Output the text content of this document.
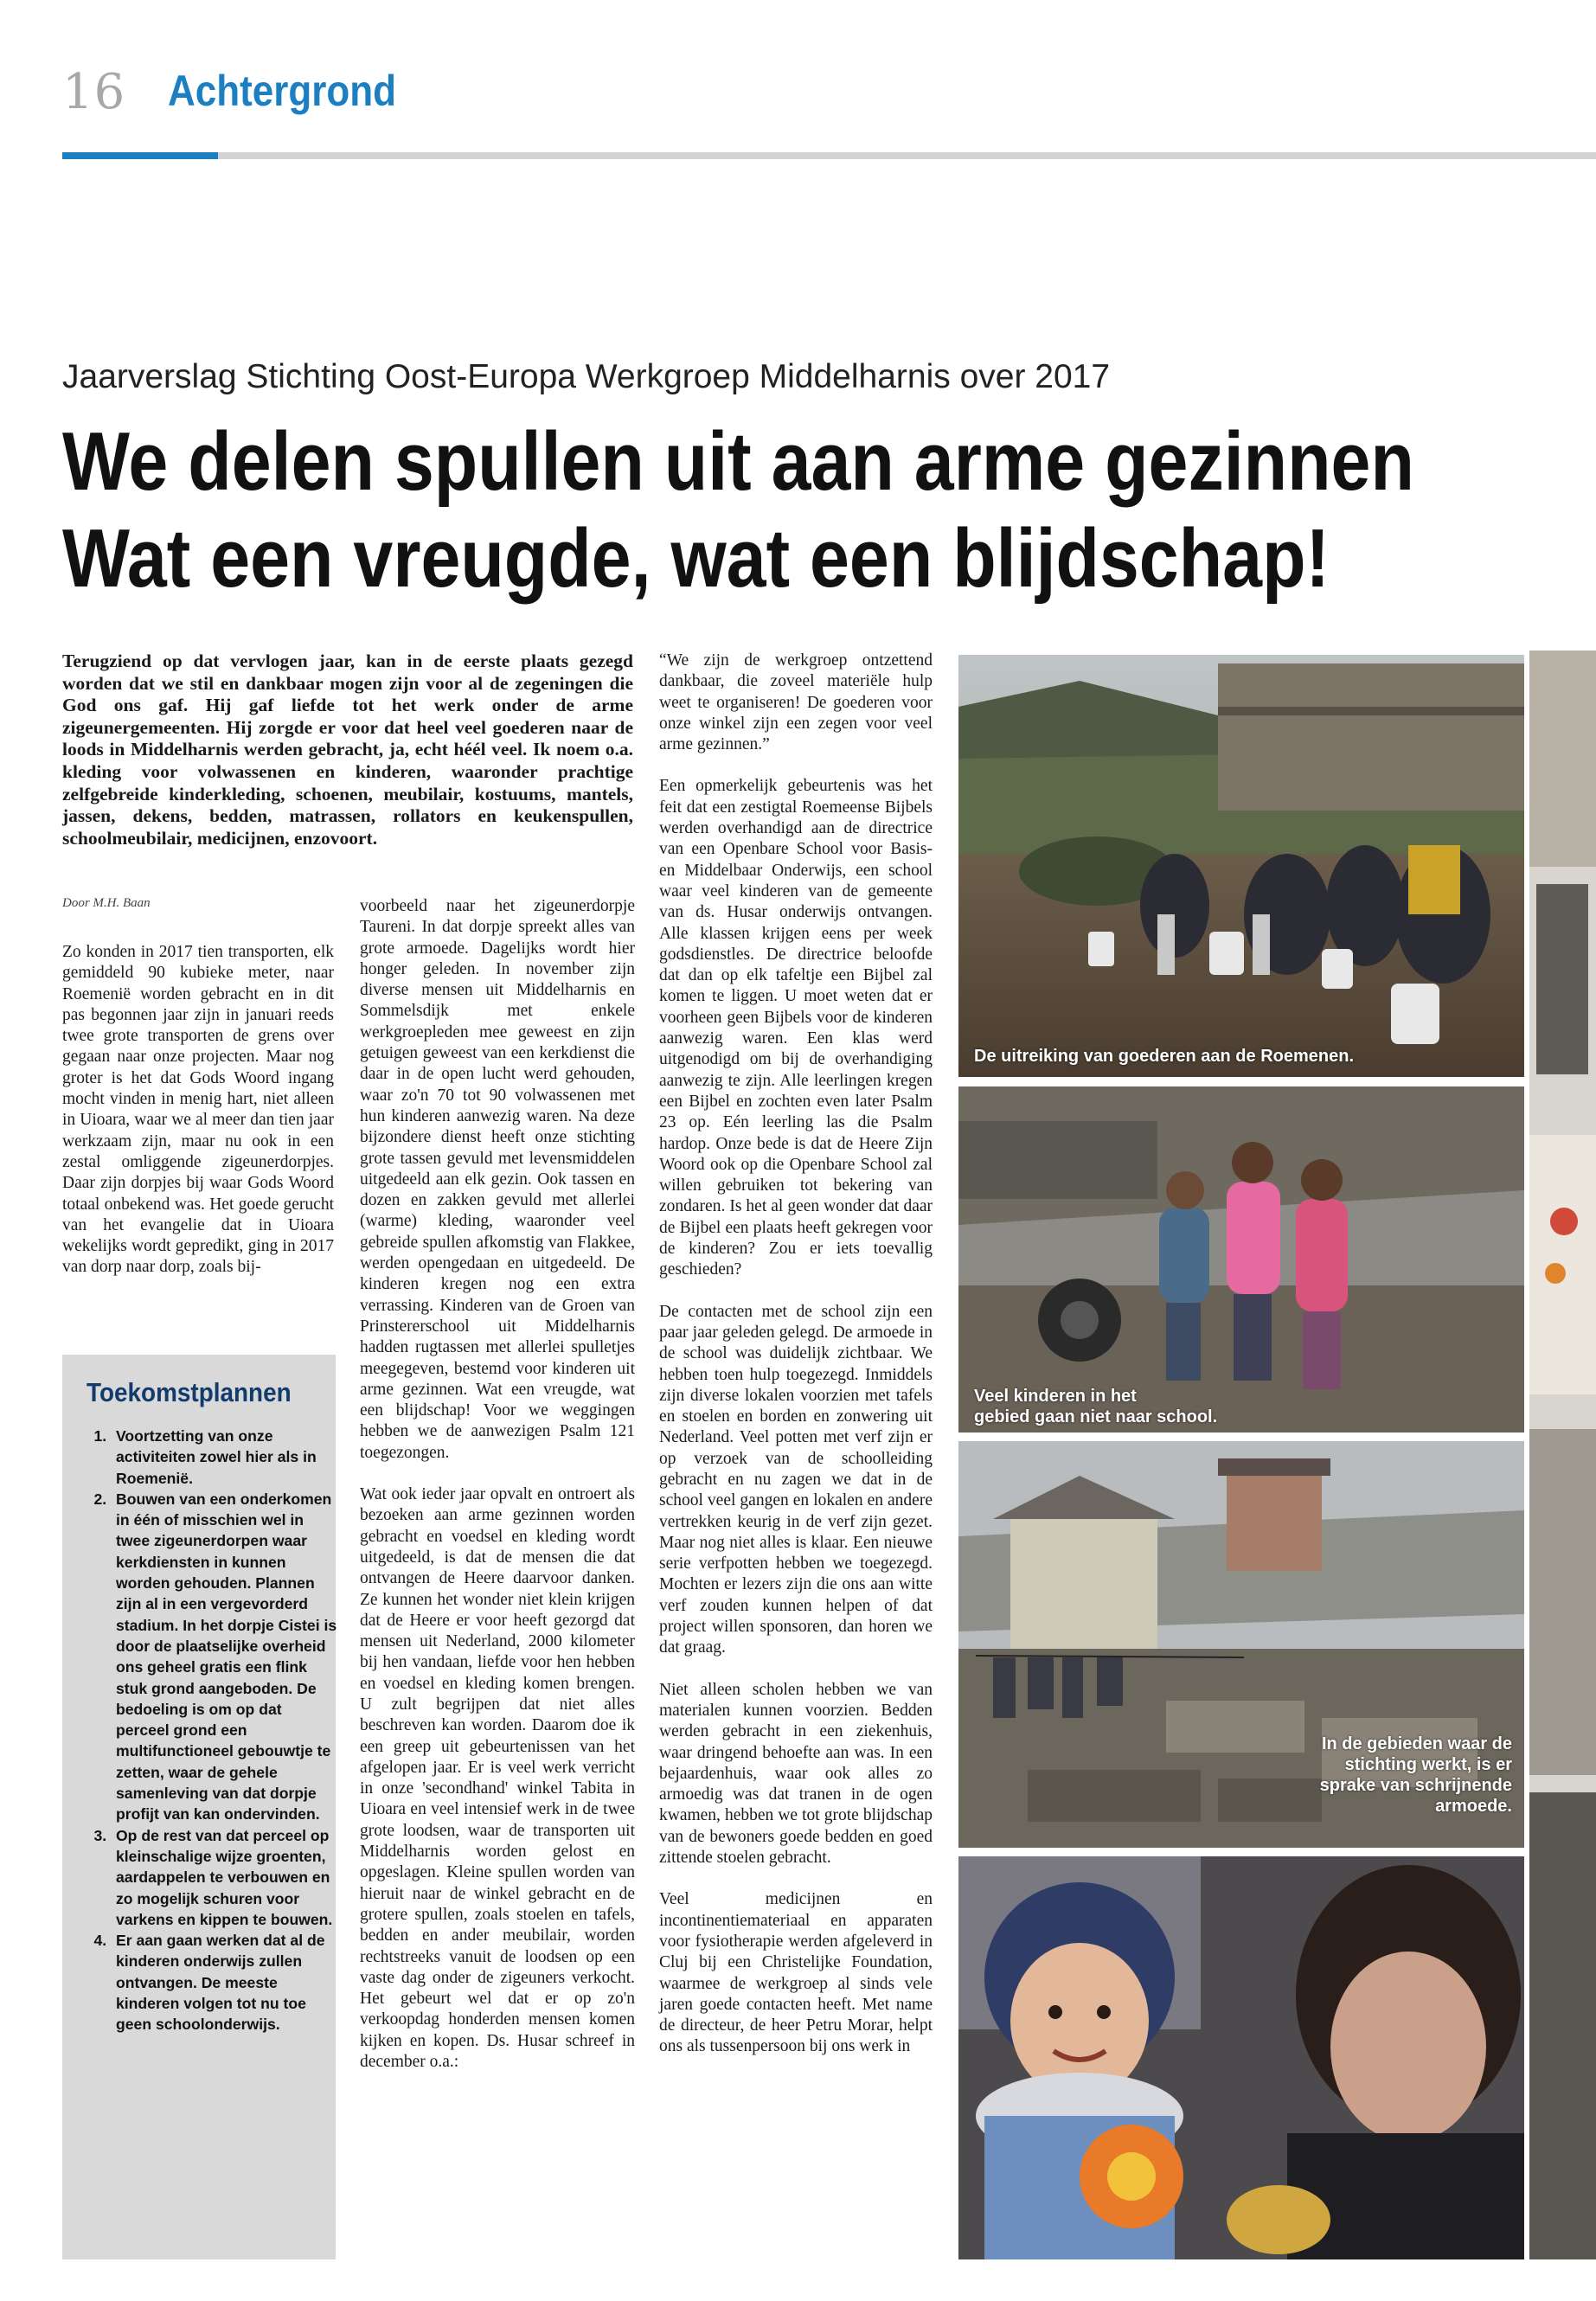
16 Achtergrond
Jaarverslag Stichting Oost-Europa Werkgroep Middelharnis over 2017
We delen spullen uit aan arme gezinnen
Wat een vreugde, wat een blijdschap!
Terugziend op dat vervlogen jaar, kan in de eerste plaats gezegd worden dat we stil en dankbaar mogen zijn voor al de zegeningen die God ons gaf. Hij gaf liefde tot het werk onder de arme zigeunergemeenten. Hij zorgde er voor dat heel veel goederen naar de loods in Middelharnis werden gebracht, ja, echt héél veel. Ik noem o.a. kleding voor volwassenen en kinderen, waaronder prachtige zelfgebreide kinderkleding, schoenen, meubilair, kostuums, mantels, jassen, dekens, bedden, matrassen, rollators en keukenspullen, schoolmeubilair, medicijnen, enzovoort.
Door M.H. Baan

Zo konden in 2017 tien transporten, elk gemiddeld 90 kubieke meter, naar Roemenië worden gebracht en in dit pas begonnen jaar zijn in januari reeds twee grote transporten de grens over gegaan naar onze projecten. Maar nog groter is het dat Gods Woord ingang mocht vinden in menig hart, niet alleen in Uioara, waar we al meer dan tien jaar werkzaam zijn, maar nu ook in een zestal omliggende zigeunerdorpjes. Daar zijn dorpjes bij waar Gods Woord totaal onbekend was. Het goede gerucht van het evangelie dat in Uioara wekelijks wordt gepredikt, ging in 2017 van dorp naar dorp, zoals bij-

voorbeeld naar het zigeunerdorpje Taureni. In dat dorpje spreekt alles van grote armoede. Dagelijks wordt hier honger geleden. In november zijn diverse mensen uit Middelharnis en Sommelsdijk met enkele werkgroepleden mee geweest en zijn getuigen geweest van een kerkdienst die daar in de open lucht werd gehouden, waar zo'n 70 tot 90 volwassenen met hun kinderen aanwezig waren. Na deze bijzondere dienst heeft onze stichting grote tassen gevuld met levensmiddelen uitgedeeld aan elk gezin. Ook tassen en dozen en zakken gevuld met allerlei (warme) kleding, waaronder veel gebreide spullen afkomstig van Flakkee, werden opengedaan en uitgedeeld. De kinderen kregen nog een extra verrassing. Kinderen van de Groen van Prinstererschool uit Middelharnis hadden rugtassen met allerlei spulletjes meegegeven, bestemd voor kinderen uit arme gezinnen. Wat een vreugde, wat een blijdschap! Voor we weggingen hebben we de aanwezigen Psalm 121 toegezongen.

Wat ook ieder jaar opvalt en ontroert als bezoeken aan arme gezinnen worden gebracht en voedsel en kleding wordt uitgedeeld, is dat de mensen die dat ontvangen de Heere daarvoor danken. Ze kunnen het wonder niet klein krijgen dat de Heere er voor heeft gezorgd dat mensen uit Nederland, 2000 kilometer bij hen vandaan, liefde voor hen hebben en voedsel en kleding komen brengen. U zult begrijpen dat niet alles beschreven kan worden. Daarom doe ik een greep uit gebeurtenissen van het afgelopen jaar. Er is veel werk verricht in onze 'secondhand' winkel Tabita in Uioara en veel intensief werk in de twee grote loodsen, waar de transporten uit Middelharnis worden gelost en opgeslagen. Kleine spullen worden van hieruit naar de winkel gebracht en de grotere spullen, zoals stoelen en tafels, bedden en ander meubilair, worden rechtstreeks vanuit de loodsen op een vaste dag onder de zigeuners verkocht. Het gebeurt wel dat er op zo'n verkoopdag honderden mensen komen kijken en kopen. Ds. Husar schreef in december o.a.:

“We zijn de werkgroep ontzettend dankbaar, die zoveel materiële hulp weet te organiseren! De goederen voor onze winkel zijn een zegen voor veel arme gezinnen.”

Een opmerkelijk gebeurtenis was het feit dat een zestigtal Roemeense Bijbels werden overhandigd aan de directrice van een Openbare School voor Basis- en Middelbaar Onderwijs, een school waar veel kinderen van de gemeente van ds. Husar onderwijs ontvangen. Alle klassen krijgen eens per week godsdienstles. De directrice beloofde dat dan op elk tafeltje een Bijbel zal komen te liggen. U moet weten dat er voorheen geen Bijbels voor de kinderen aanwezig waren. Een klas werd uitgenodigd om bij de overhandiging aanwezig te zijn. Alle leerlingen kregen een Bijbel en zochten even later Psalm 23 op. Eén leerling las die Psalm hardop. Onze bede is dat de Heere Zijn Woord ook op die Openbare School zal willen gebruiken tot bekering van zondaren. Is het al geen wonder dat daar de Bijbel een plaats heeft gekregen voor de kinderen? Zou er iets toevallig geschieden?

De contacten met de school zijn een paar jaar geleden gelegd. De armoede in de school was duidelijk zichtbaar. We hebben toen hulp toegezegd. Inmiddels zijn diverse lokalen voorzien met tafels en stoelen en borden en zonwering uit Nederland. Veel potten met verf zijn er op verzoek van de schoolleiding gebracht en nu zagen we dat in de school veel gangen en lokalen en andere vertrekken keurig in de verf zijn gezet. Maar nog niet alles is klaar. Een nieuwe serie verfpotten hebben we toegezegd. Mochten er lezers zijn die ons aan witte verf zouden kunnen helpen of dat project willen sponsoren, dan horen we dat graag.

Niet alleen scholen hebben we van materialen kunnen voorzien. Bedden werden gebracht in een ziekenhuis, waar dringend behoefte aan was. In een bejaardenhuis, waar ook alles zo armoedig was dat tranen in de ogen kwamen, hebben we tot grote blijdschap van de bewoners goede bedden en goed zittende stoelen gebracht.

Veel medicijnen en incontinentiemateriaal en apparaten voor fysiotherapie werden afgeleverd in Cluj bij een Christelijke Foundation, waarmee de werkgroep al sinds vele jaren goede contacten heeft. Met name de directeur, de heer Petru Morar, helpt ons als tussenpersoon bij ons werk in

Toekomstplannen
1. Voortzetting van onze activiteiten zowel hier als in Roemenië.
2. Bouwen van een onderkomen in één of misschien wel in twee zigeunerdorpen waar kerkdiensten in kunnen worden gehouden. Plannen zijn al in een vergevorderd stadium. In het dorpje Cistei is door de plaatselijke overheid ons geheel gratis een flink stuk grond aangeboden. De bedoeling is om op dat perceel grond een multifunctioneel gebouwtje te zetten, waar de gehele samenleving van dat dorpje profijt van kan ondervinden.
3. Op de rest van dat perceel op kleinschalige wijze groenten, aardappelen te verbouwen en zo mogelijk schuren voor varkens en kippen te bouwen.
4. Er aan gaan werken dat al de kinderen onderwijs zullen ontvangen. De meeste kinderen volgen tot nu toe geen schoolonderwijs.
De uitreiking van goederen aan de Roemenen.
Veel kinderen in het
gebied gaan niet naar school.
In de gebieden waar de
stichting werkt, is er
sprake van schrijnende
armoede.
